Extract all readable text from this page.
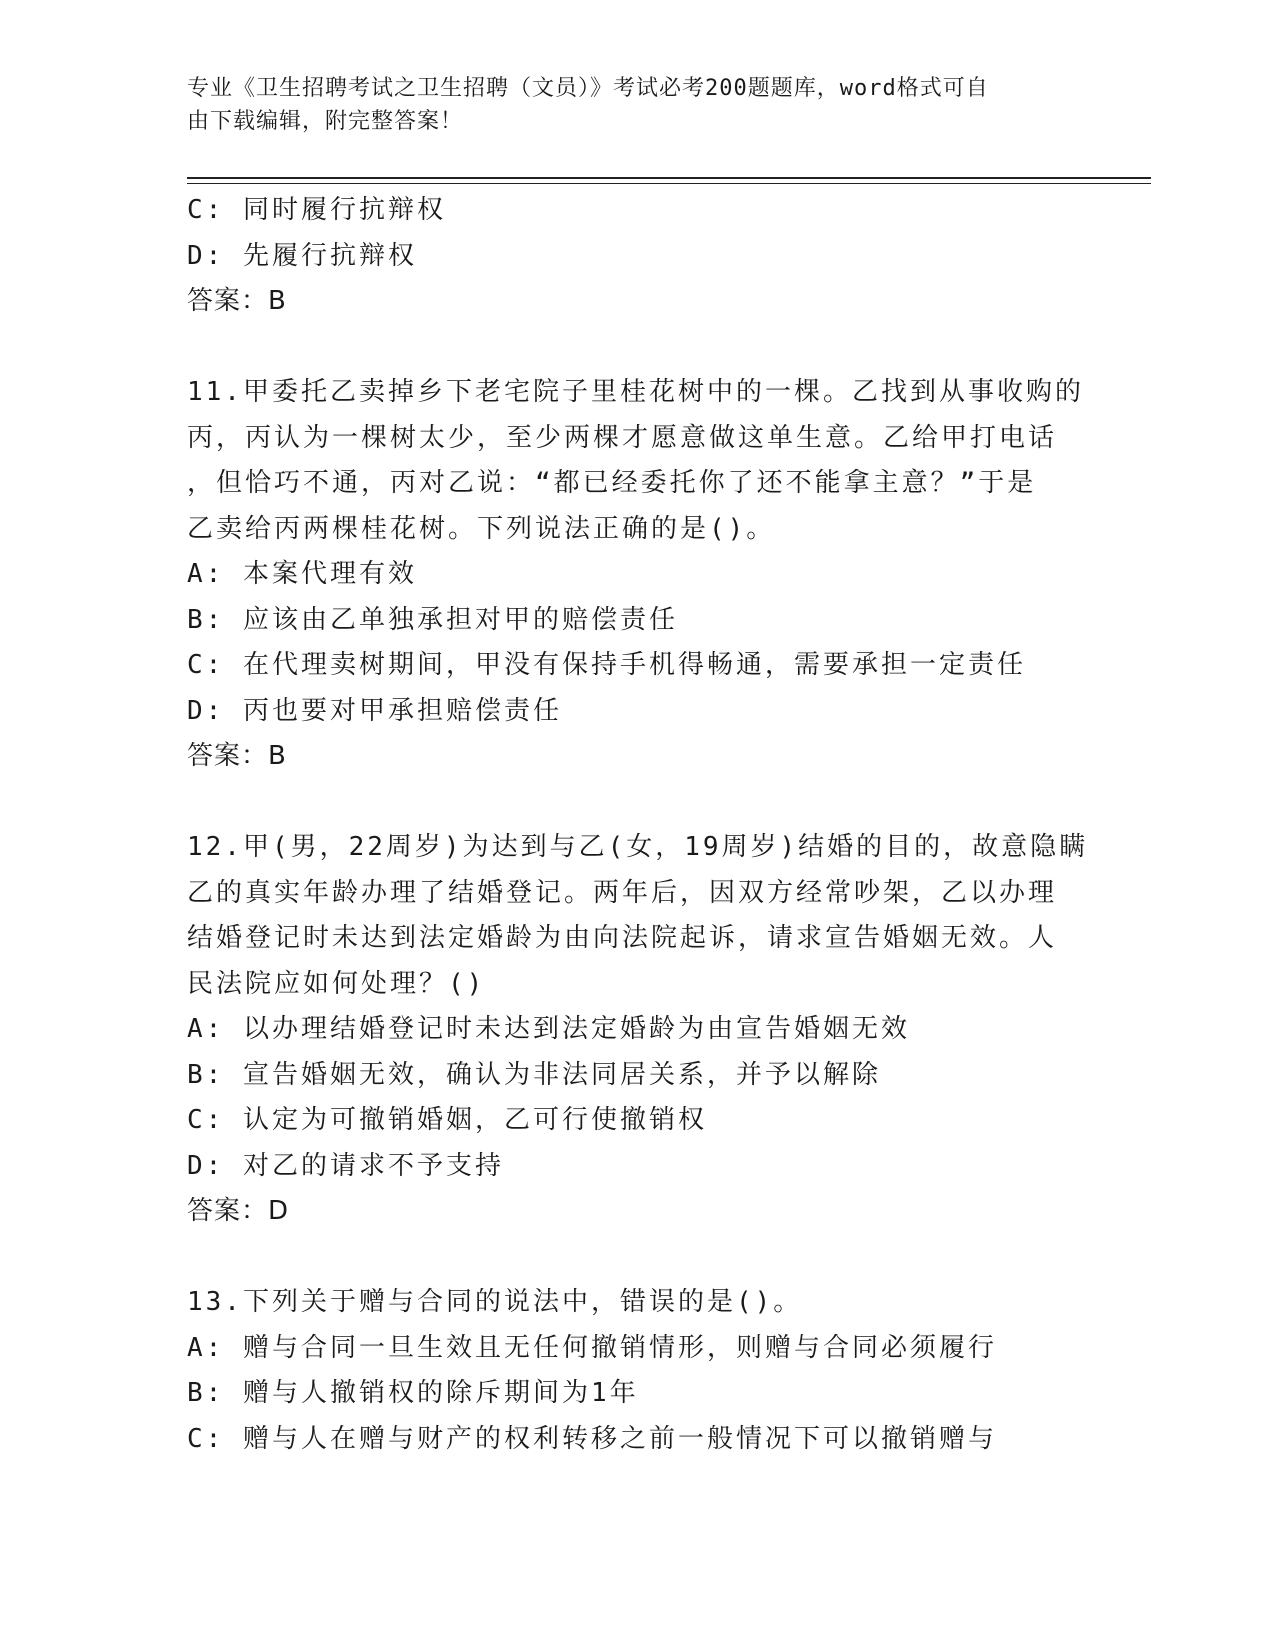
专业《卫生招聘考试之卫生招聘（文员）》考试必考200题题库，word格式可自
由下载编辑，附完整答案！
C: 同时履行抗辩权
D: 先履行抗辩权
答案：B
11.甲委托乙卖掉乡下老宅院子里桂花树中的一棵。乙找到从事收购的
丙，丙认为一棵树太少，至少两棵才愿意做这单生意。乙给甲打电话
，但恰巧不通，丙对乙说：“都已经委托你了还不能拿主意？”于是
乙卖给丙两棵桂花树。下列说法正确的是()。
A: 本案代理有效
B: 应该由乙单独承担对甲的赔偿责任
C: 在代理卖树期间，甲没有保持手机得畅通，需要承担一定责任
D: 丙也要对甲承担赔偿责任
答案：B
12.甲(男，22周岁)为达到与乙(女，19周岁)结婚的目的，故意隐瞒
乙的真实年龄办理了结婚登记。两年后，因双方经常吵架，乙以办理
结婚登记时未达到法定婚龄为由向法院起诉，请求宣告婚姻无效。人
民法院应如何处理？()
A: 以办理结婚登记时未达到法定婚龄为由宣告婚姻无效
B: 宣告婚姻无效，确认为非法同居关系，并予以解除
C: 认定为可撤销婚姻，乙可行使撤销权
D: 对乙的请求不予支持
答案：D
13.下列关于赠与合同的说法中，错误的是()。
A: 赠与合同一旦生效且无任何撤销情形，则赠与合同必须履行
B: 赠与人撤销权的除斥期间为1年
C: 赠与人在赠与财产的权利转移之前一般情况下可以撤销赠与
